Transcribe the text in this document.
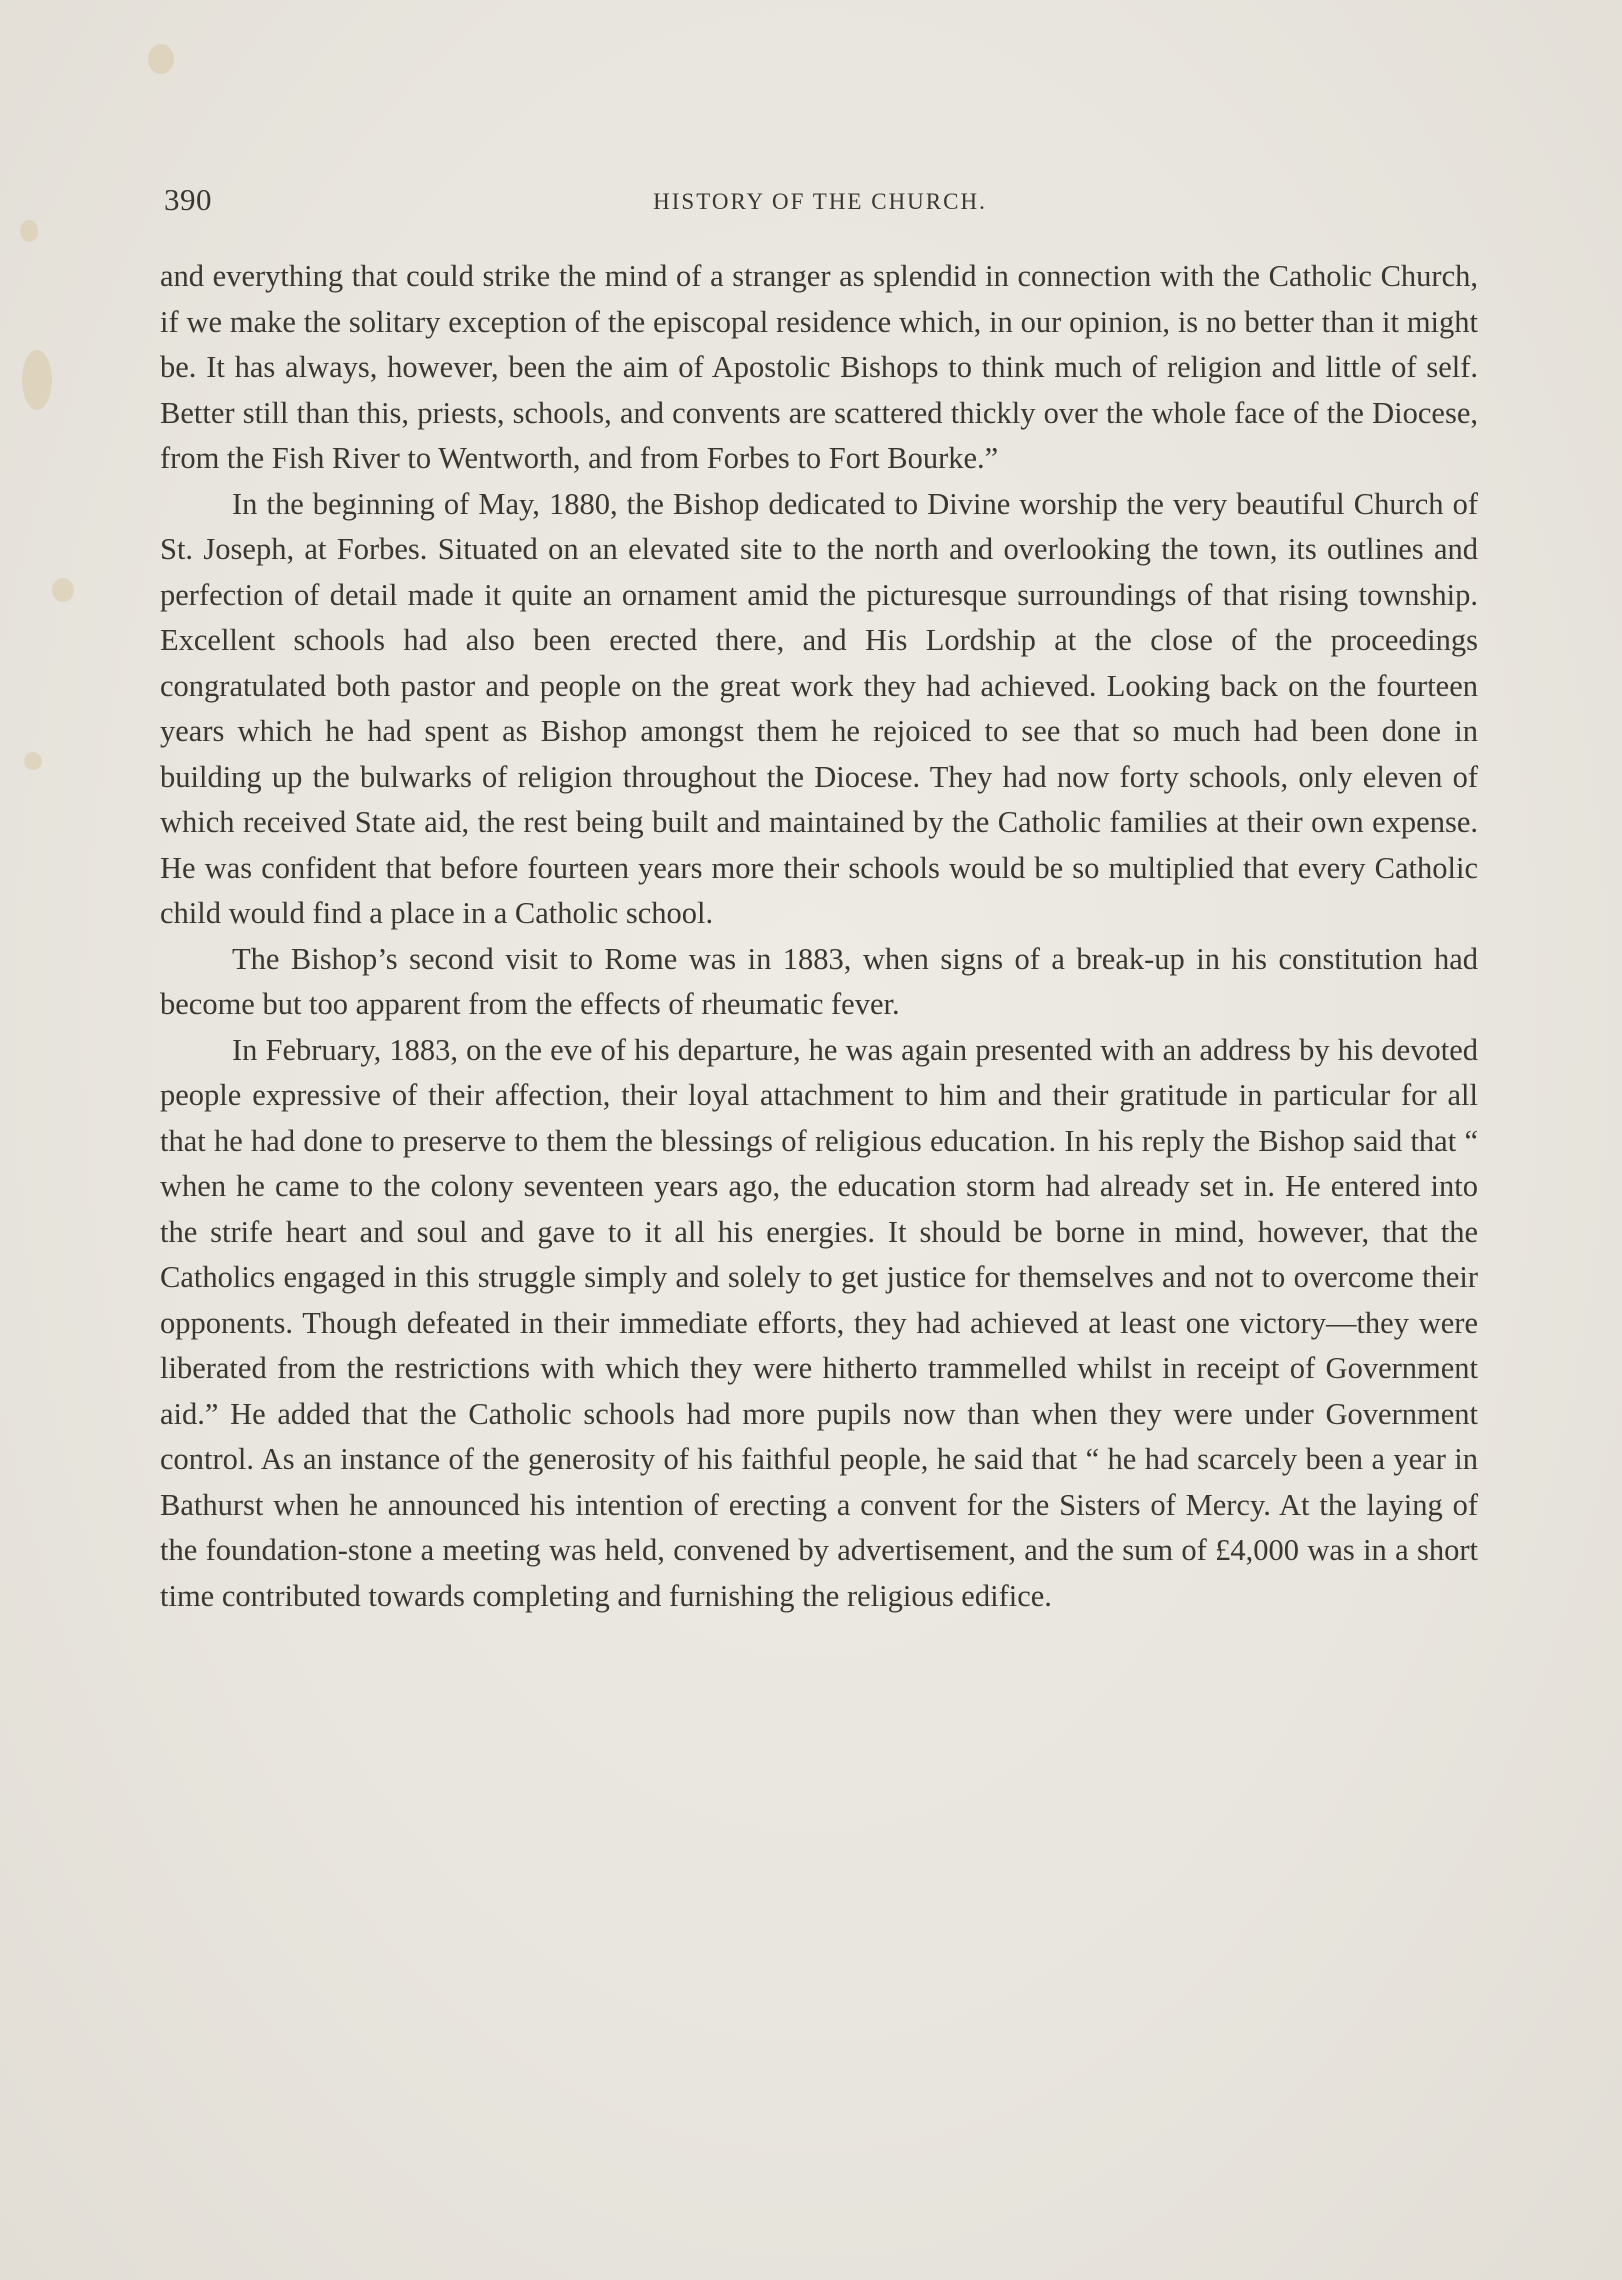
390	HISTORY OF THE CHURCH.

and everything that could strike the mind of a stranger as splendid in connection with the Catholic Church, if we make the solitary exception of the episcopal residence which, in our opinion, is no better than it might be. It has always, however, been the aim of Apostolic Bishops to think much of religion and little of self. Better still than this, priests, schools, and convents are scattered thickly over the whole face of the Diocese, from the Fish River to Wentworth, and from Forbes to Fort Bourke.”

In the beginning of May, 1880, the Bishop dedicated to Divine worship the very beautiful Church of St. Joseph, at Forbes. Situated on an elevated site to the north and overlooking the town, its outlines and perfection of detail made it quite an ornament amid the picturesque surroundings of that rising township. Excellent schools had also been erected there, and His Lordship at the close of the proceedings congratulated both pastor and people on the great work they had achieved. Looking back on the fourteen years which he had spent as Bishop amongst them he rejoiced to see that so much had been done in building up the bulwarks of religion throughout the Diocese. They had now forty schools, only eleven of which received State aid, the rest being built and maintained by the Catholic families at their own expense. He was confident that before fourteen years more their schools would be so multiplied that every Catholic child would find a place in a Catholic school.

The Bishop’s second visit to Rome was in 1883, when signs of a break-up in his constitution had become but too apparent from the effects of rheumatic fever.

In February, 1883, on the eve of his departure, he was again presented with an address by his devoted people expressive of their affection, their loyal attachment to him and their gratitude in particular for all that he had done to preserve to them the blessings of religious education. In his reply the Bishop said that “ when he came to the colony seventeen years ago, the education storm had already set in. He entered into the strife heart and soul and gave to it all his energies. It should be borne in mind, however, that the Catholics engaged in this struggle simply and solely to get justice for themselves and not to overcome their opponents. Though defeated in their immediate efforts, they had achieved at least one victory—they were liberated from the restrictions with which they were hitherto trammelled whilst in receipt of Government aid.” He added that the Catholic schools had more pupils now than when they were under Government control. As an instance of the generosity of his faithful people, he said that “ he had scarcely been a year in Bathurst when he announced his intention of erecting a convent for the Sisters of Mercy. At the laying of the foundation-stone a meeting was held, convened by advertisement, and the sum of £4,000 was in a short time contributed towards completing and furnishing the religious edifice.
